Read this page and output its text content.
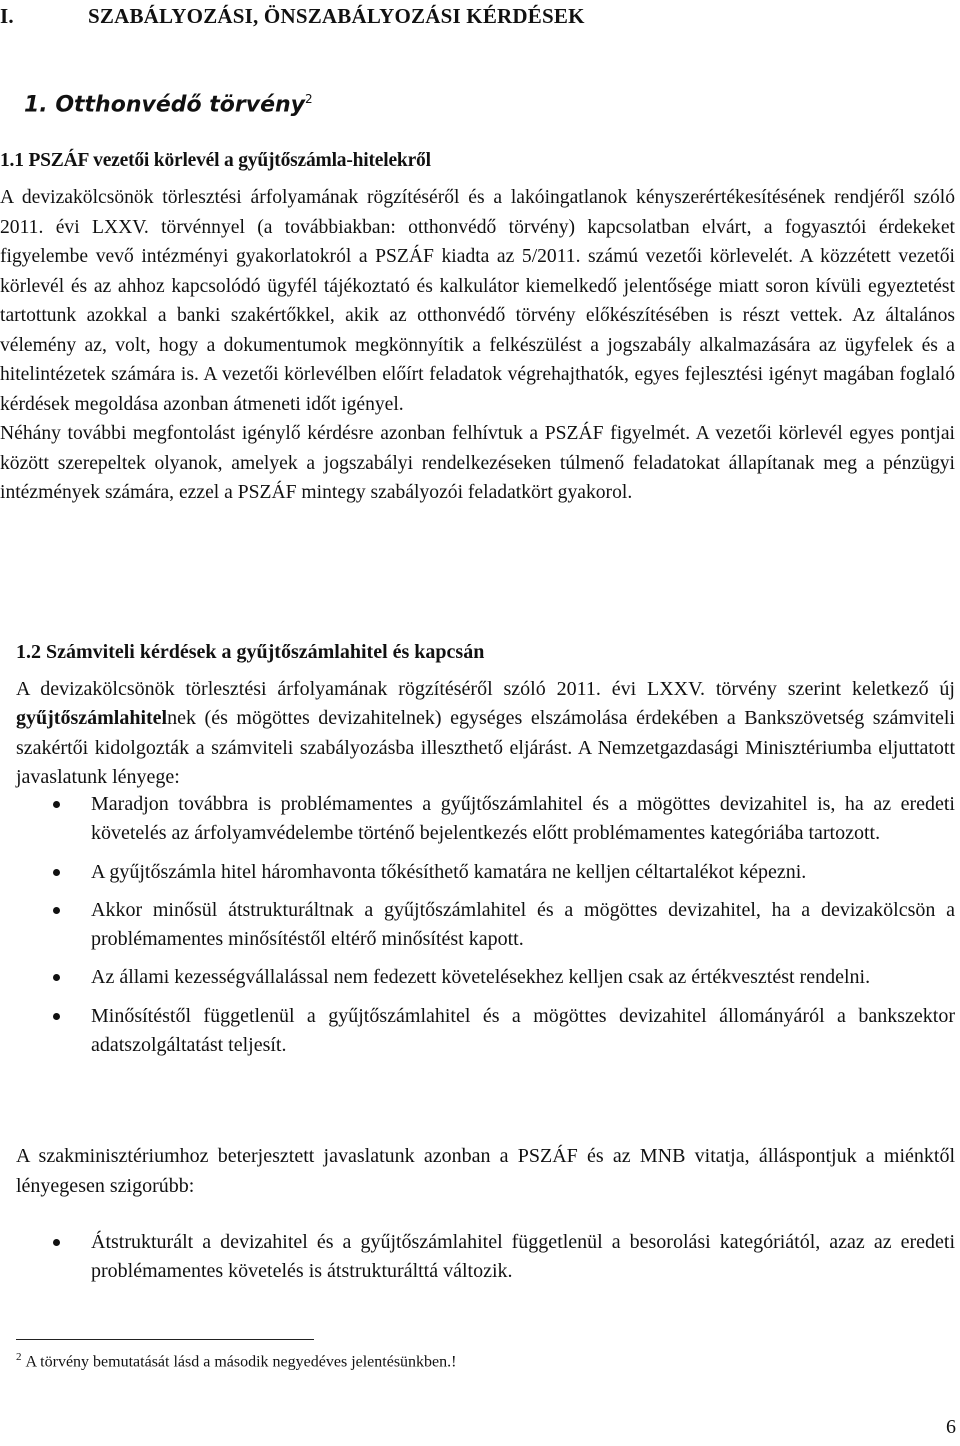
I.	SZABÁLYOZÁSI, ÖNSZABÁLYOZÁSI KÉRDÉSEK
1. Otthonvédő törvény$^2$
1.1 PSZÁF vezetői körlevél a gyűjtőszámla-hitelekről

A devizakölcsönök törlesztési árfolyamának rögzítéséről és a lakóingatlanok kényszerértékesítésének rendjéről szóló 2011. évi LXXV. törvénnyel (a továbbiakban: otthonvédő törvény) kapcsolatban elvárt, a fogyasztói érdekeket figyelembe vevő intézményi gyakorlatokról a PSZÁF kiadta az 5/2011. számú vezetői körlevelét. A közzétett vezetői körlevél és az ahhoz kapcsolódó ügyfél tájékoztató és kalkulátor kiemelkedő jelentősége miatt soron kívüli egyeztetést tartottunk azokkal a banki szakértőkkel, akik az otthonvédő törvény előkészítésében is részt vettek. Az általános vélemény az, volt, hogy a dokumentumok megkönnyítik a felkészülést a jogszabály alkalmazására az ügyfelek és a hitelintézetek számára is. A vezetői körlevélben előírt feladatok végrehajthatók, egyes fejlesztési igényt magában foglaló kérdések megoldása azonban átmeneti időt igényel.

Néhány további megfontolást igénylő kérdésre azonban felhívtuk a PSZÁF figyelmét. A vezetői körlevél egyes pontjai között szerepeltek olyanok, amelyek a jogszabályi rendelkezéseken túlmenő feladatokat állapítanak meg a pénzügyi intézmények számára, ezzel a PSZÁF mintegy szabályozói feladatkört gyakorol.

1.2 Számviteli kérdések a gyűjtőszámlahitel és kapcsán

A devizakölcsönök törlesztési árfolyamának rögzítéséről szóló 2011. évi LXXV. törvény szerint keletkező új gyűjtőszámlahitelnek (és mögöttes devizahitelnek) egységes elszámolása érdekében a Bankszövetség számviteli szakértői kidolgozták a számviteli szabályozásba illeszthető eljárást. A Nemzetgazdasági Minisztériumba eljuttatott javaslatunk lényege:

Maradjon továbbra is problémamentes a gyűjtőszámlahitel és a mögöttes devizahitel is, ha az eredeti követelés az árfolyamvédelembe történő bejelentkezés előtt problémamentes kategóriába tartozott.
A gyűjtőszámla hitel háromhavonta tőkésíthető kamatára ne kelljen céltartalékot képezni.
Akkor minősül átstrukturáltnak a gyűjtőszámlahitel és a mögöttes devizahitel, ha a devizakölcsön a problémamentes minősítéstől eltérő minősítést kapott.
Az állami kezességvállalással nem fedezett követelésekhez kelljen csak az értékvesztést rendelni.
Minősítéstől függetlenül a gyűjtőszámlahitel és a mögöttes devizahitel állományáról a bankszektor adatszolgáltatást teljesít.
A szakminisztériumhoz beterjesztett javaslatunk azonban a PSZÁF és az MNB vitatja, álláspontjuk a miénktől lényegesen szigorúbb:
Átstrukturált a devizahitel és a gyűjtőszámlahitel függetlenül a besorolási kategóriától, azaz az eredeti problémamentes követelés is átstrukturálttá változik.
$^2$ A törvény bemutatását lásd a második negyedéves jelentésünkben.!
6
